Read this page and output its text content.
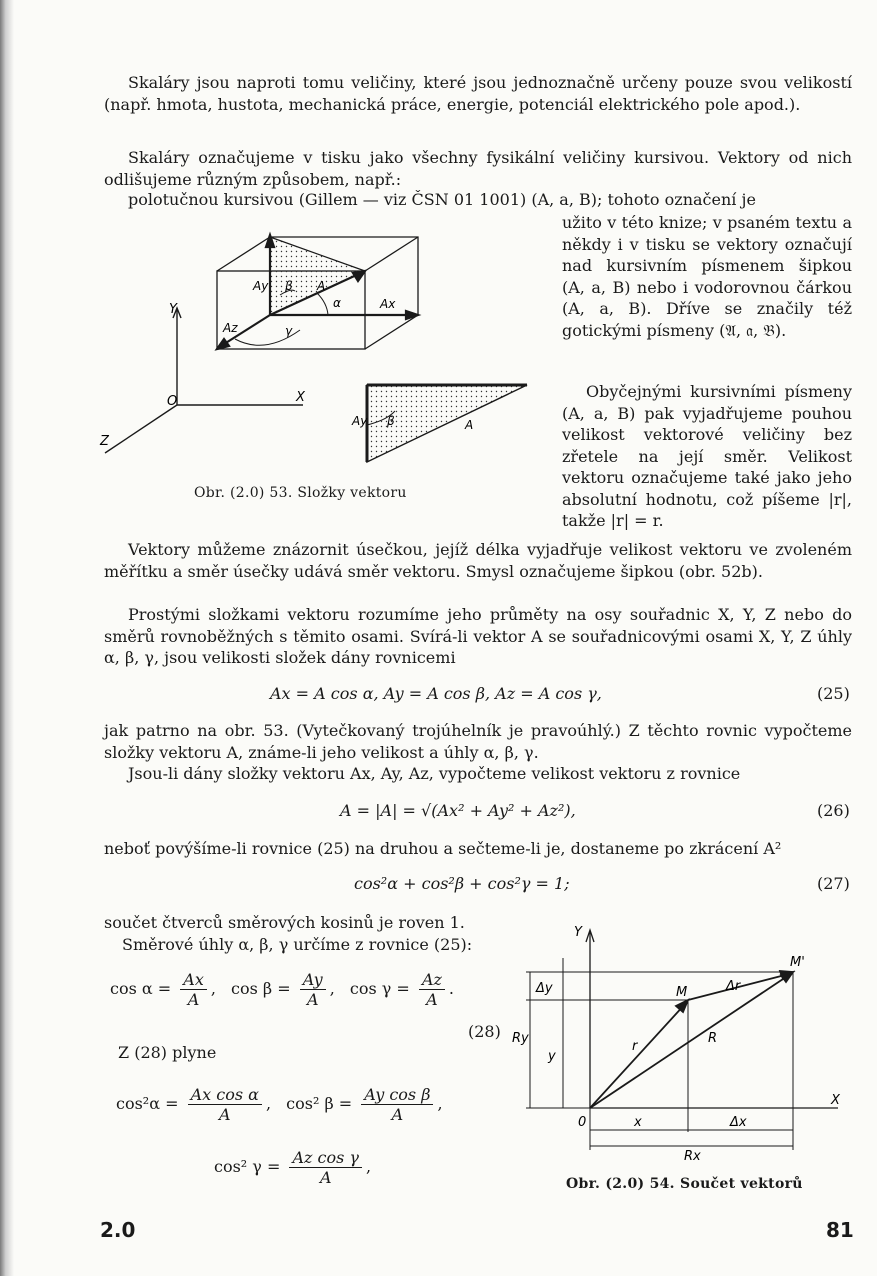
Skaláry jsou naproti tomu veličiny, které jsou jednoznačně určeny pouze svou velikostí (např. hmota, hustota, mechanická práce, energie, potenciál elektrického pole apod.).

Skaláry označujeme v tisku jako všechny fysikální veličiny kursivou. Vektory od nich odlišujeme různým způsobem, např.:

polotučnou kursivou (Gillem — viz ČSN 01 1001) (A, a, B); tohoto označení je

užito v této knize; v psaném textu a někdy i v tisku se vektory označují nad kursivním písmenem šipkou (A, a, B) nebo i vodorovnou čárkou (A, a, B). Dříve se značily též gotickými písmeny (𝔄, 𝔞, 𝔅).

Obyčejnými kursivními písmeny (A, a, B) pak vyjadřujeme pouhou velikost vektorové veličiny bez zřetele na její směr. Velikost vektoru označujeme také jako jeho absolutní hodnotu, což píšeme |r|, takže |r| = r.

Y
O	X
Z
Ay β A
α	Ax
Az	γ
Ay β	A
Obr. (2.0) 53. Složky vektoru

Vektory můžeme znázornit úsečkou, jejíž délka vyjadřuje velikost vektoru ve zvoleném měřítku a směr úsečky udává směr vektoru. Smysl označujeme šipkou (obr. 52b).

Prostými složkami vektoru rozumíme jeho průměty na osy souřadnic X, Y, Z nebo do směrů rovnoběžných s těmito osami. Svírá-li vektor A se souřadnicovými osami X, Y, Z úhly α, β, γ, jsou velikosti složek dány rovnicemi

Ax = A cos α, Ay = A cos β, Az = A cos γ,	(25)

jak patrno na obr. 53. (Vytečkovaný trojúhelník je pravoúhlý.) Z těchto rovnic vypočteme složky vektoru A, známe-li jeho velikost a úhly α, β, γ.

Jsou-li dány složky vektoru Ax, Ay, Az, vypočteme velikost vektoru z rovnice

A = |A| = √(Ax² + Ay² + Az²),	(26)

neboť povýšíme-li rovnice (25) na druhou a sečteme-li je, dostaneme po zkrácení A²

cos²α + cos²β + cos²γ = 1;	(27)

součet čtverců směrových kosinů je roven 1.

Směrové úhly α, β, γ určíme z rovnice (25):

$\cos \alpha = \frac{Ax}{A}$ , $\cos \beta = \frac{Ay}{A}$ , $\cos \gamma = \frac{Az}{A}$ .
(28)

Z (28) plyne

$\cos^2\alpha = \frac{\text{Ax cos α}}{A}$ , cos² $\beta = \frac{\text{Ay cos β}}{A}$ ,
cos² $\gamma = \frac{\text{Az cos γ}}{A}$ ,
Y
X
0
M
M'
Δr
r
R
Ry
y
Δy
x	Δx
Rx
Obr. (2.0) 54. Součet vektorů
2.0	81
